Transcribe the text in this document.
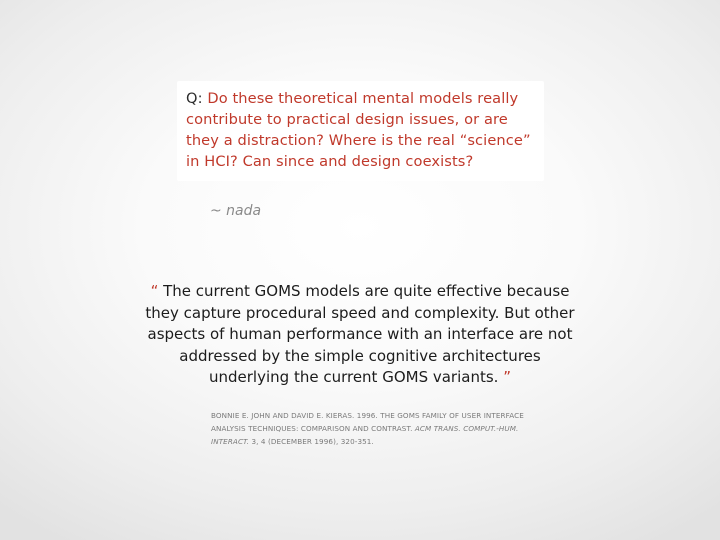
Q: Do these theoretical mental models really contribute to practical design issues, or are they a distraction? Where is the real “science” in HCI? Can since and design coexists?
~ nada
“ The current GOMS models are quite effective because they capture procedural speed and complexity. But other aspects of human performance with an interface are not addressed by the simple cognitive architectures underlying the current GOMS variants. ”
BONNIE E. JOHN AND DAVID E. KIERAS. 1996. THE GOMS FAMILY OF USER INTERFACE ANALYSIS TECHNIQUES: COMPARISON AND CONTRAST. ACM TRANS. COMPUT.-HUM. INTERACT. 3, 4 (DECEMBER 1996), 320-351.
